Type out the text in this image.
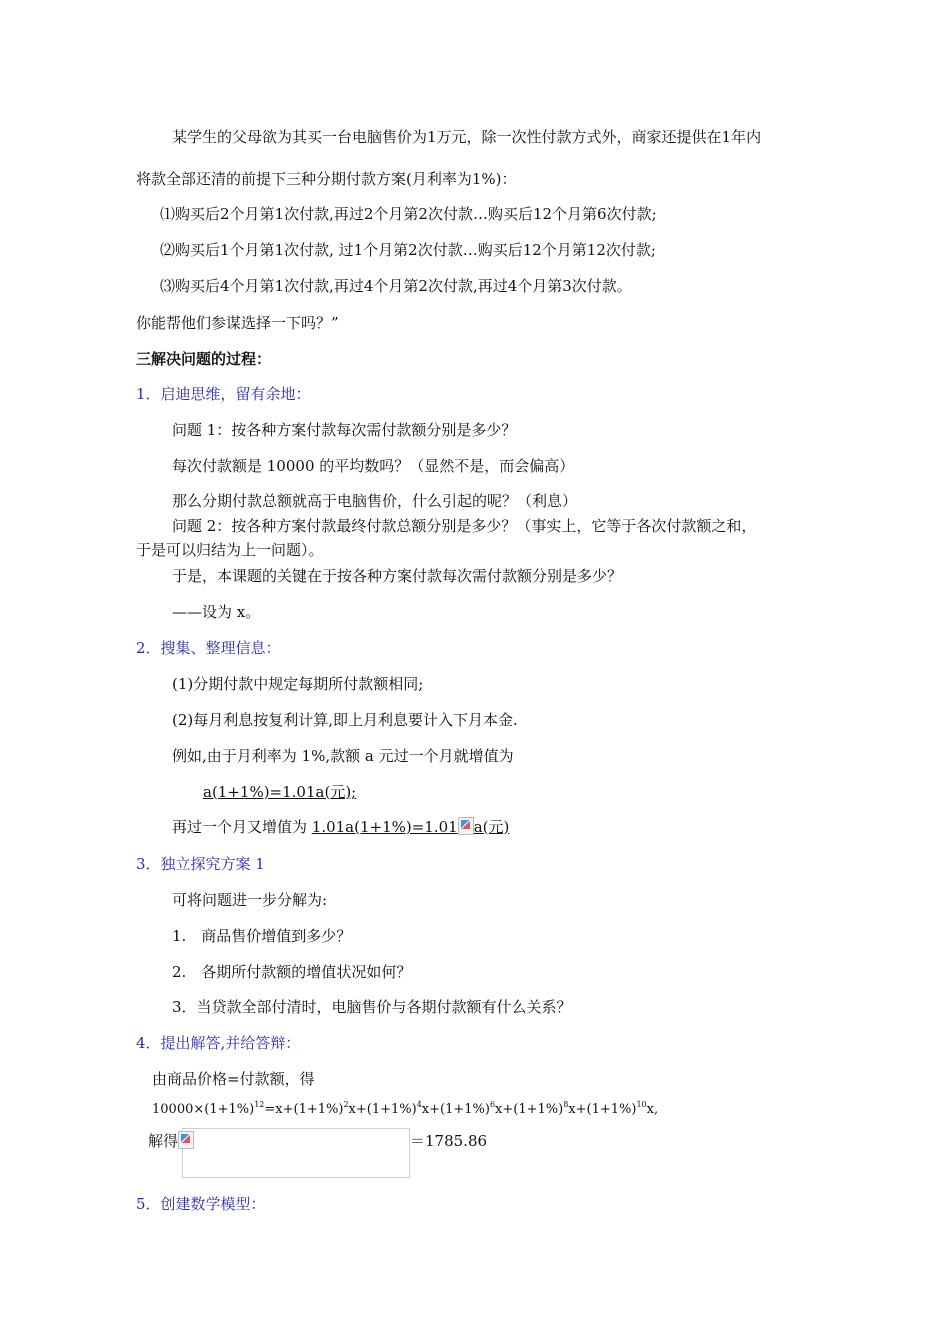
某学生的父母欲为其买一台电脑售价为1万元，除一次性付款方式外，商家还提供在1年内
将款全部还清的前提下三种分期付款方案(月利率为1%)：
⑴购买后2个月第1次付款,再过2个月第2次付款…购买后12个月第6次付款;
⑵购买后1个月第1次付款, 过1个月第2次付款…购买后12个月第12次付款;
⑶购买后4个月第1次付款,再过4个月第2次付款,再过4个月第3次付款。
你能帮他们参谋选择一下吗？”
三解决问题的过程：
1．启迪思维，留有余地：
问题 1：按各种方案付款每次需付款额分别是多少？
每次付款额是 10000 的平均数吗？（显然不是，而会偏高）
那么分期付款总额就高于电脑售价，什么引起的呢？（利息）
问题 2：按各种方案付款最终付款总额分别是多少？（事实上，它等于各次付款额之和，
于是可以归结为上一问题）。
于是，本课题的关键在于按各种方案付款每次需付款额分别是多少？
——设为 x。
2．搜集、整理信息：
(1)分期付款中规定每期所付款额相同;
(2)每月利息按复利计算,即上月利息要计入下月本金.
例如,由于月利率为 1%,款额 a 元过一个月就增值为
a(1+1%)=1.01a(元);
再过一个月又增值为 1.01a(1+1%)=1.01 a(元)
3．独立探究方案 1
可将问题进一步分解为:
1.　商品售价增值到多少？
2.　各期所付款额的增值状况如何？
3．当贷款全部付清时，电脑售价与各期付款额有什么关系？
4．提出解答,并给答辩：
由商品价格=付款额，得
$10000\times(1+1\%)^{12}=x+(1+1\%)^2x+(1+1\%)^4x+(1+1\%)^6x+(1+1\%)^8x+(1+1\%)^{10}x$,
解得	＝1785.86
5．创建数学模型：
